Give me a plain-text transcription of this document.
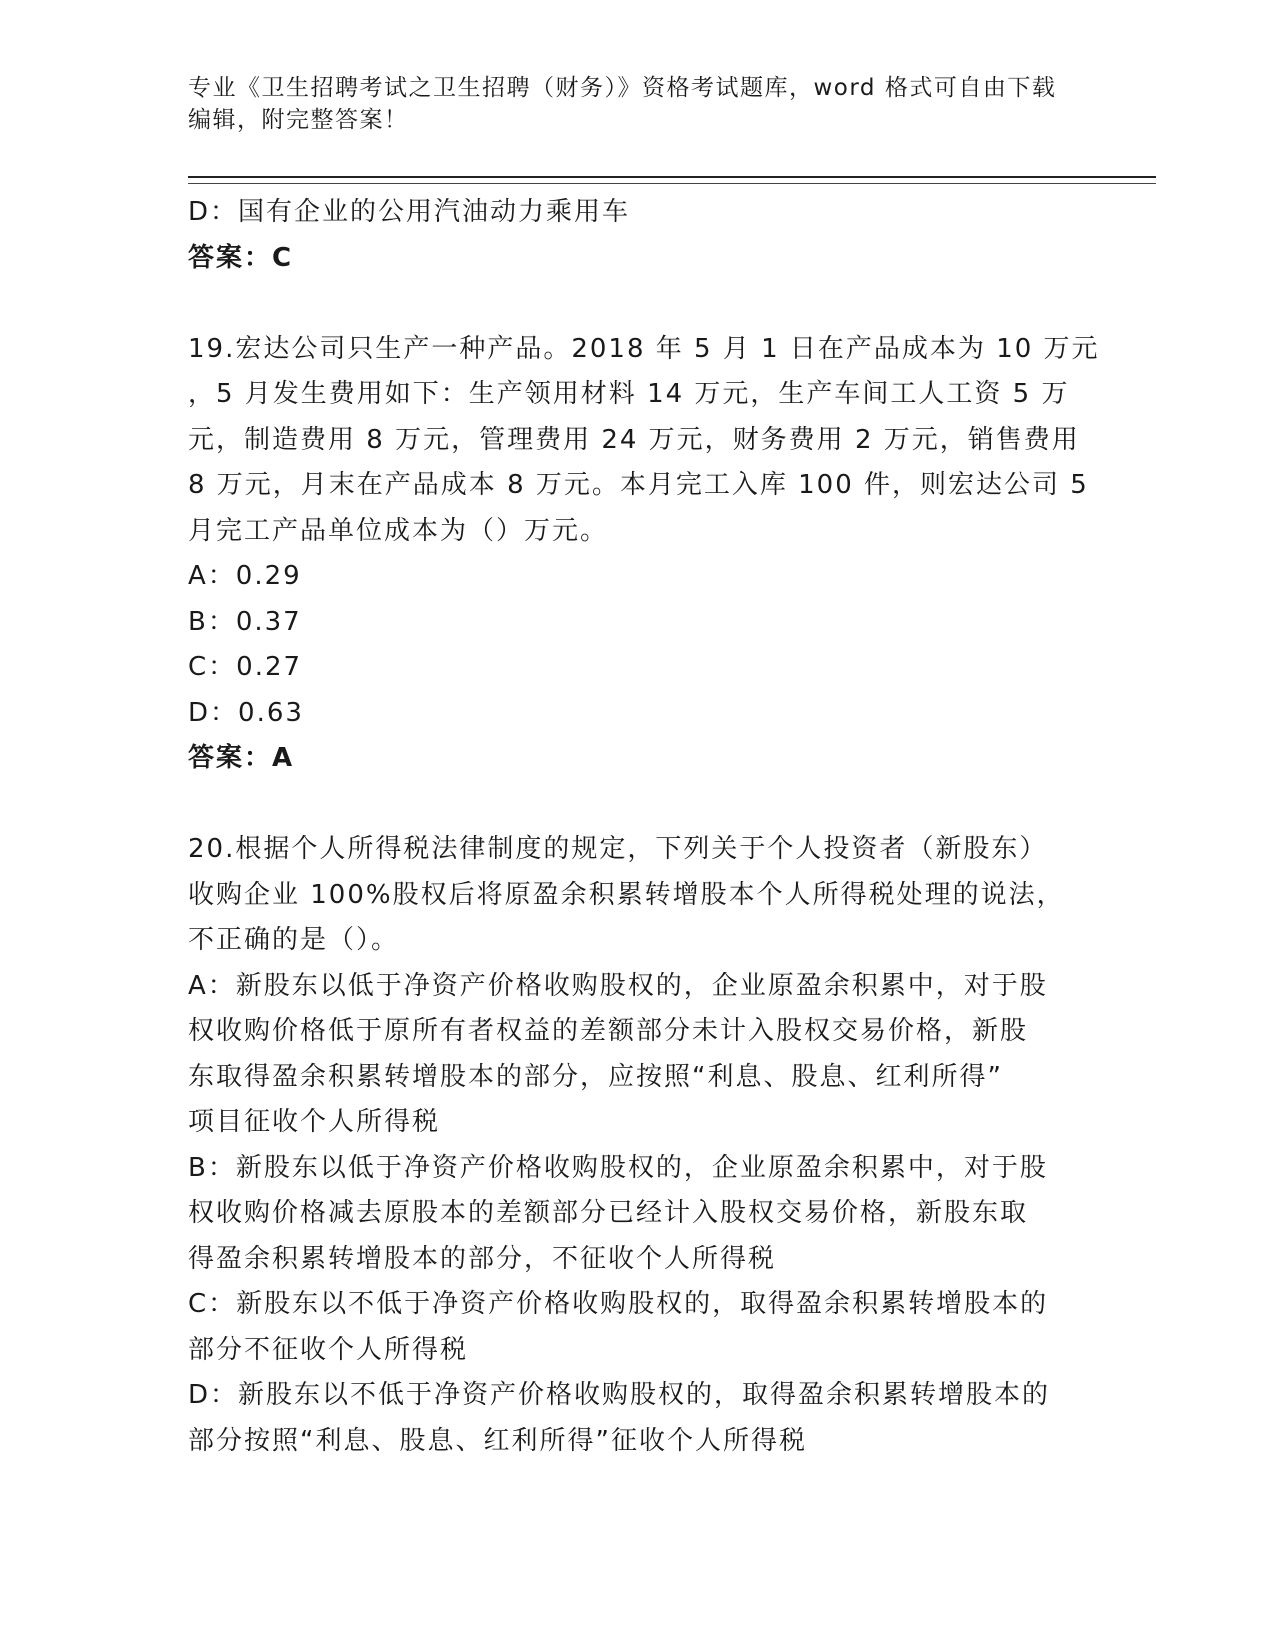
专业《卫生招聘考试之卫生招聘（财务）》资格考试题库，word 格式可自由下载
编辑，附完整答案！
D：国有企业的公用汽油动力乘用车
答案：C
19.宏达公司只生产一种产品。2018 年 5 月 1 日在产品成本为 10 万元
，5 月发生费用如下：生产领用材料 14 万元，生产车间工人工资 5 万
元，制造费用 8 万元，管理费用 24 万元，财务费用 2 万元，销售费用
8 万元，月末在产品成本 8 万元。本月完工入库 100 件，则宏达公司 5
月完工产品单位成本为（）万元。
A：0.29
B：0.37
C：0.27
D：0.63
答案：A
20.根据个人所得税法律制度的规定，下列关于个人投资者（新股东）
收购企业 100%股权后将原盈余积累转增股本个人所得税处理的说法，
不正确的是（）。
A：新股东以低于净资产价格收购股权的，企业原盈余积累中，对于股
权收购价格低于原所有者权益的差额部分未计入股权交易价格，新股
东取得盈余积累转增股本的部分，应按照“利息、股息、红利所得”
项目征收个人所得税
B：新股东以低于净资产价格收购股权的，企业原盈余积累中，对于股
权收购价格减去原股本的差额部分已经计入股权交易价格，新股东取
得盈余积累转增股本的部分，不征收个人所得税
C：新股东以不低于净资产价格收购股权的，取得盈余积累转增股本的
部分不征收个人所得税
D：新股东以不低于净资产价格收购股权的，取得盈余积累转增股本的
部分按照“利息、股息、红利所得”征收个人所得税
